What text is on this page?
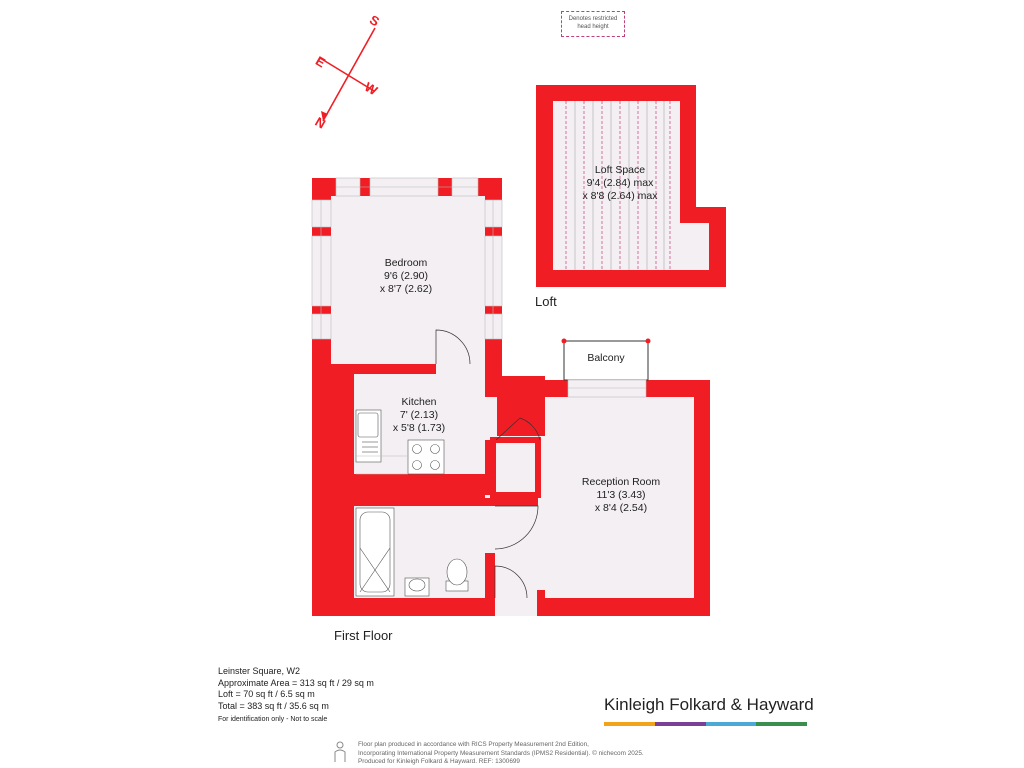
S
E
W
N
Bedroom
9'6 (2.90)
x 8'7 (2.62)
Kitchen
7' (2.13)
x 5'8 (1.73)
Reception Room
11'3 (3.43)
x 8'4 (2.54)
Loft Space
9'4 (2.84) max
x 8'8 (2.64) max
Balcony
Loft
First Floor
Denotes restricted
head height
Leinster Square, W2
Approximate Area = 313 sq ft / 29 sq m
Loft = 70 sq ft / 6.5 sq m
Total = 383 sq ft / 35.6 sq m
For identification only - Not to scale
Kinleigh Folkard & Hayward
Floor plan produced in accordance with RICS Property Measurement 2nd Edition,
Incorporating International Property Measurement Standards (IPMS2 Residential). © nichecom 2025.
Produced for Kinleigh Folkard & Hayward. REF: 1300699
